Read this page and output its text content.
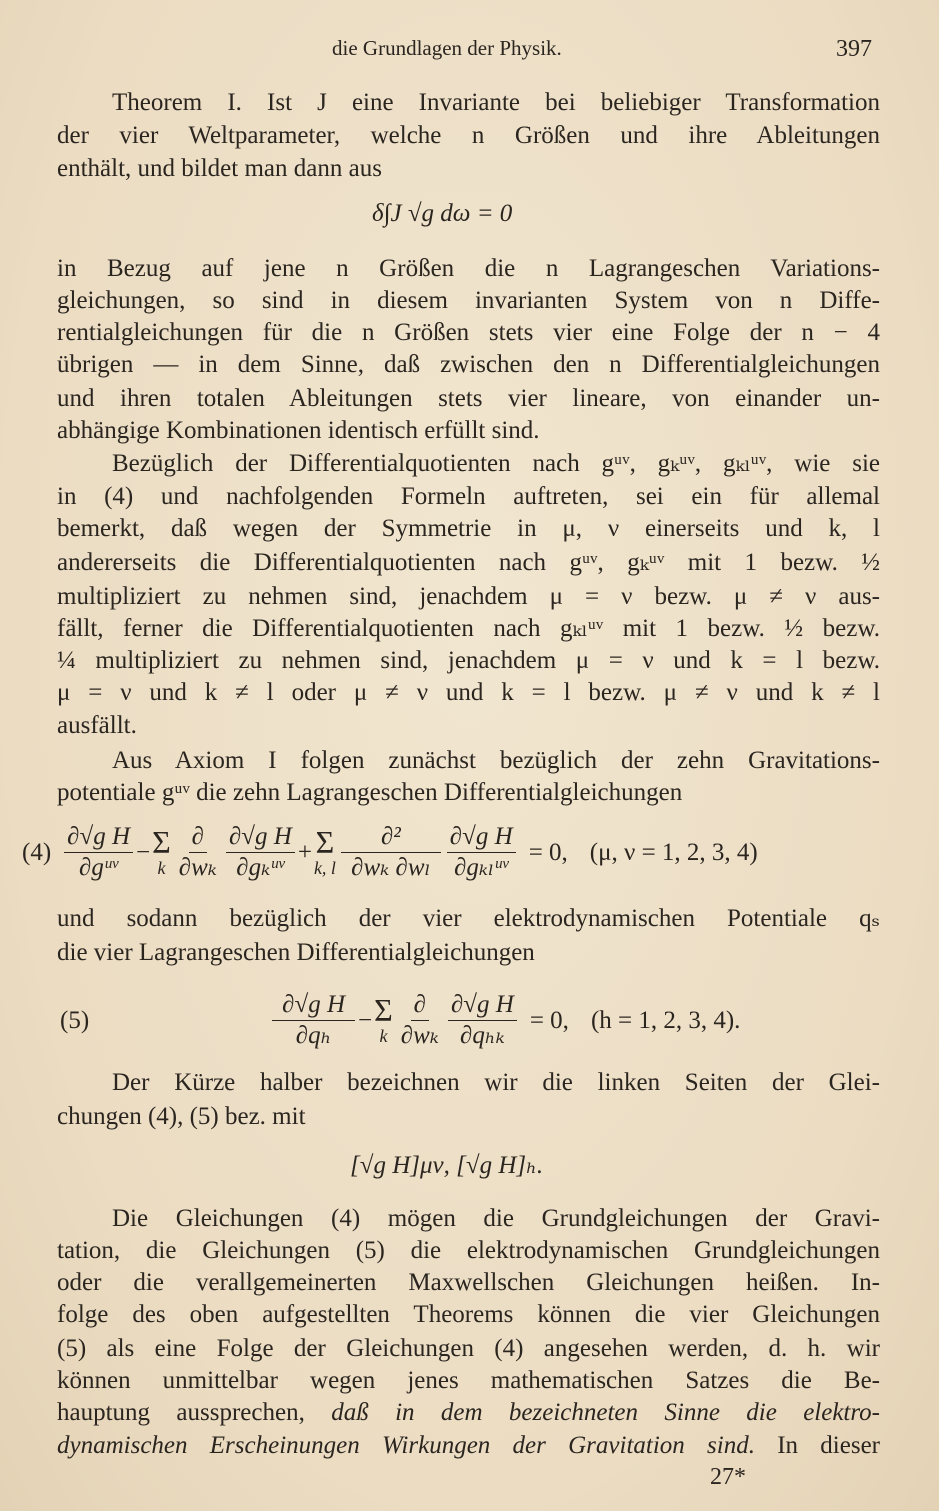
die Grundlagen der Physik.	397
Theorem I. Ist J eine Invariante bei beliebiger Transformation
der vier Weltparameter, welche n Größen und ihre Ableitungen
enthält, und bildet man dann aus
δ∫J √g dω = 0
in Bezug auf jene n Größen die n Lagrangeschen Variations-
gleichungen, so sind in diesem invarianten System von n Diffe-
rentialgleichungen für die n Größen stets vier eine Folge der n − 4
übrigen — in dem Sinne, daß zwischen den n Differentialgleichungen
und ihren totalen Ableitungen stets vier lineare, von einander un-
abhängige Kombinationen identisch erfüllt sind.
Bezüglich der Differentialquotienten nach gᵘᵛ, gₖᵘᵛ, gₖₗᵘᵛ, wie sie
in (4) und nachfolgenden Formeln auftreten, sei ein für allemal
bemerkt, daß wegen der Symmetrie in μ, ν einerseits und k, l
andererseits die Differentialquotienten nach gᵘᵛ, gₖᵘᵛ mit 1 bezw. ½
multipliziert zu nehmen sind, jenachdem μ = ν bezw. μ ≠ ν aus-
fällt, ferner die Differentialquotienten nach gₖₗᵘᵛ mit 1 bezw. ½ bezw.
¼ multipliziert zu nehmen sind, jenachdem μ = ν und k = l bezw.
μ = ν und k ≠ l oder μ ≠ ν und k = l bezw. μ ≠ ν und k ≠ l
ausfällt.
Aus Axiom I folgen zunächst bezüglich der zehn Gravitations-
potentiale gᵘᵛ die zehn Lagrangeschen Differentialgleichungen
$(4) \frac{\text{∂√g H}}{\text{∂gᵘᵛ}} - \Sigma$
k $\frac{\partial}{\text{∂wₖ}} \frac{\text{∂√g H}}{\text{∂gₖᵘᵛ}} + \Sigma$
k, l $\frac{\text{∂²}}{\text{∂wₖ ∂wₗ}} \frac{\text{∂√g H}}{\text{∂gₖₗᵘᵛ}} = 0$, (μ, ν = 1, 2, 3, 4)
und sodann bezüglich der vier elektrodynamischen Potentiale qₛ
die vier Lagrangeschen Differentialgleichungen
(5)	$\frac{\text{∂√g H}}{\text{∂qₕ}} - \Sigma$
k $\frac{\partial}{\text{∂wₖ}} \frac{\text{∂√g H}}{\text{∂qₕₖ}} = 0$, (h = 1, 2, 3, 4).
Der Kürze halber bezeichnen wir die linken Seiten der Glei-
chungen (4), (5) bez. mit
[√g H]μν, [√g H]ₕ.
Die Gleichungen (4) mögen die Grundgleichungen der Gravi-
tation, die Gleichungen (5) die elektrodynamischen Grundgleichungen
oder die verallgemeinerten Maxwellschen Gleichungen heißen. In-
folge des oben aufgestellten Theorems können die vier Gleichungen
(5) als eine Folge der Gleichungen (4) angesehen werden, d. h. wir
können unmittelbar wegen jenes mathematischen Satzes die Be-
hauptung aussprechen, daß in dem bezeichneten Sinne die elektro-
dynamischen Erscheinungen Wirkungen der Gravitation sind. In dieser
27*
